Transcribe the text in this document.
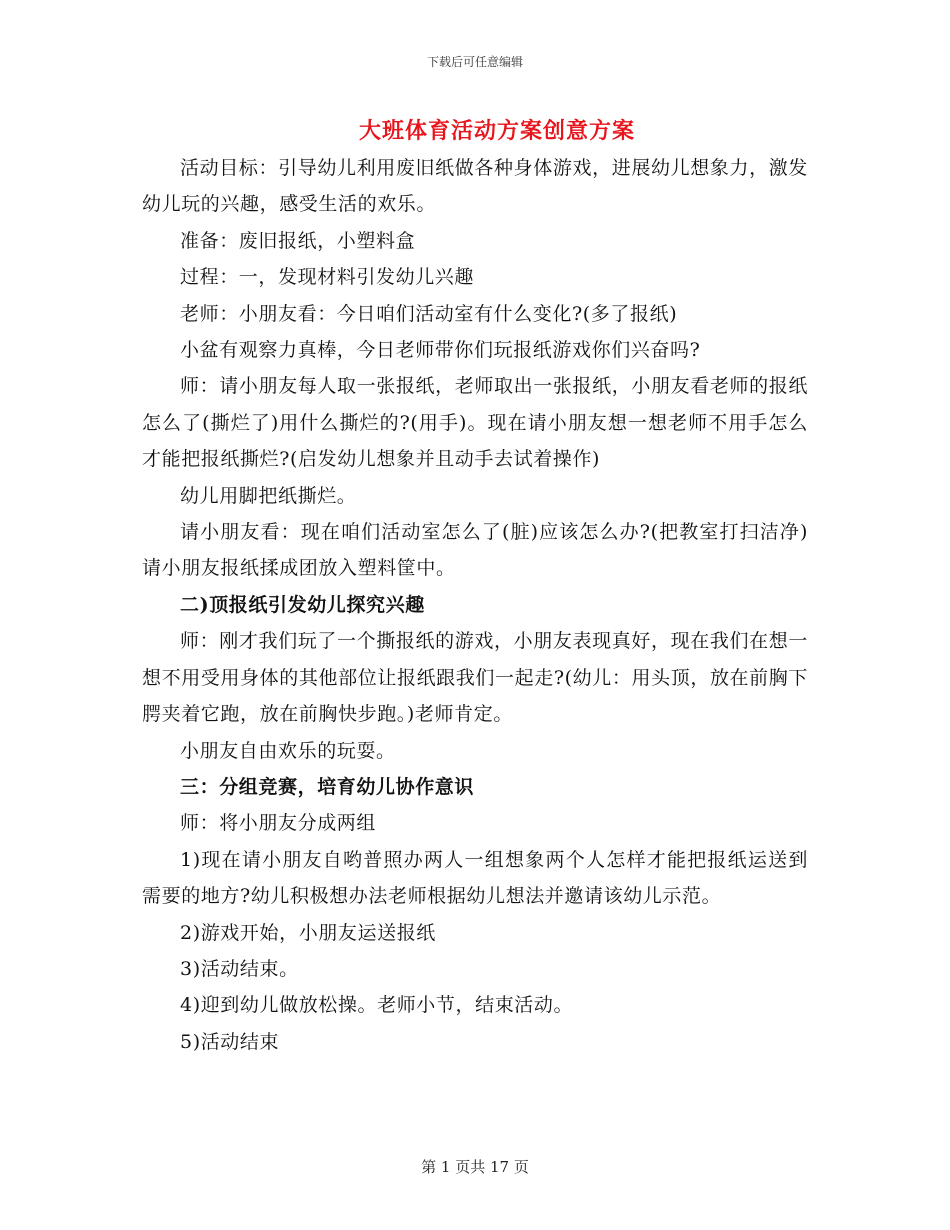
下载后可任意编辑
大班体育活动方案创意方案

活动目标：引导幼儿利用废旧纸做各种身体游戏，进展幼儿想象力，激发幼儿玩的兴趣，感受生活的欢乐。

准备：废旧报纸，小塑料盒

过程：一，发现材料引发幼儿兴趣

老师：小朋友看：今日咱们活动室有什么变化?(多了报纸)

小盆有观察力真棒，今日老师带你们玩报纸游戏你们兴奋吗?

师：请小朋友每人取一张报纸，老师取出一张报纸，小朋友看老师的报纸怎么了(撕烂了)用什么撕烂的?(用手)。现在请小朋友想一想老师不用手怎么才能把报纸撕烂?(启发幼儿想象并且动手去试着操作)

幼儿用脚把纸撕烂。

请小朋友看：现在咱们活动室怎么了(脏)应该怎么办?(把教室打扫洁净)请小朋友报纸揉成团放入塑料筐中。

二)顶报纸引发幼儿探究兴趣

师：刚才我们玩了一个撕报纸的游戏，小朋友表现真好，现在我们在想一想不用受用身体的其他部位让报纸跟我们一起走?(幼儿：用头顶，放在前胸下腭夹着它跑，放在前胸快步跑。)老师肯定。

小朋友自由欢乐的玩耍。

三：分组竞赛，培育幼儿协作意识

师：将小朋友分成两组

1)现在请小朋友自哟普照办两人一组想象两个人怎样才能把报纸运送到需要的地方?幼儿积极想办法老师根据幼儿想法并邀请该幼儿示范。

2)游戏开始，小朋友运送报纸

3)活动结束。

4)迎到幼儿做放松操。老师小节，结束活动。

5)活动结束

第 1 页共 17 页
